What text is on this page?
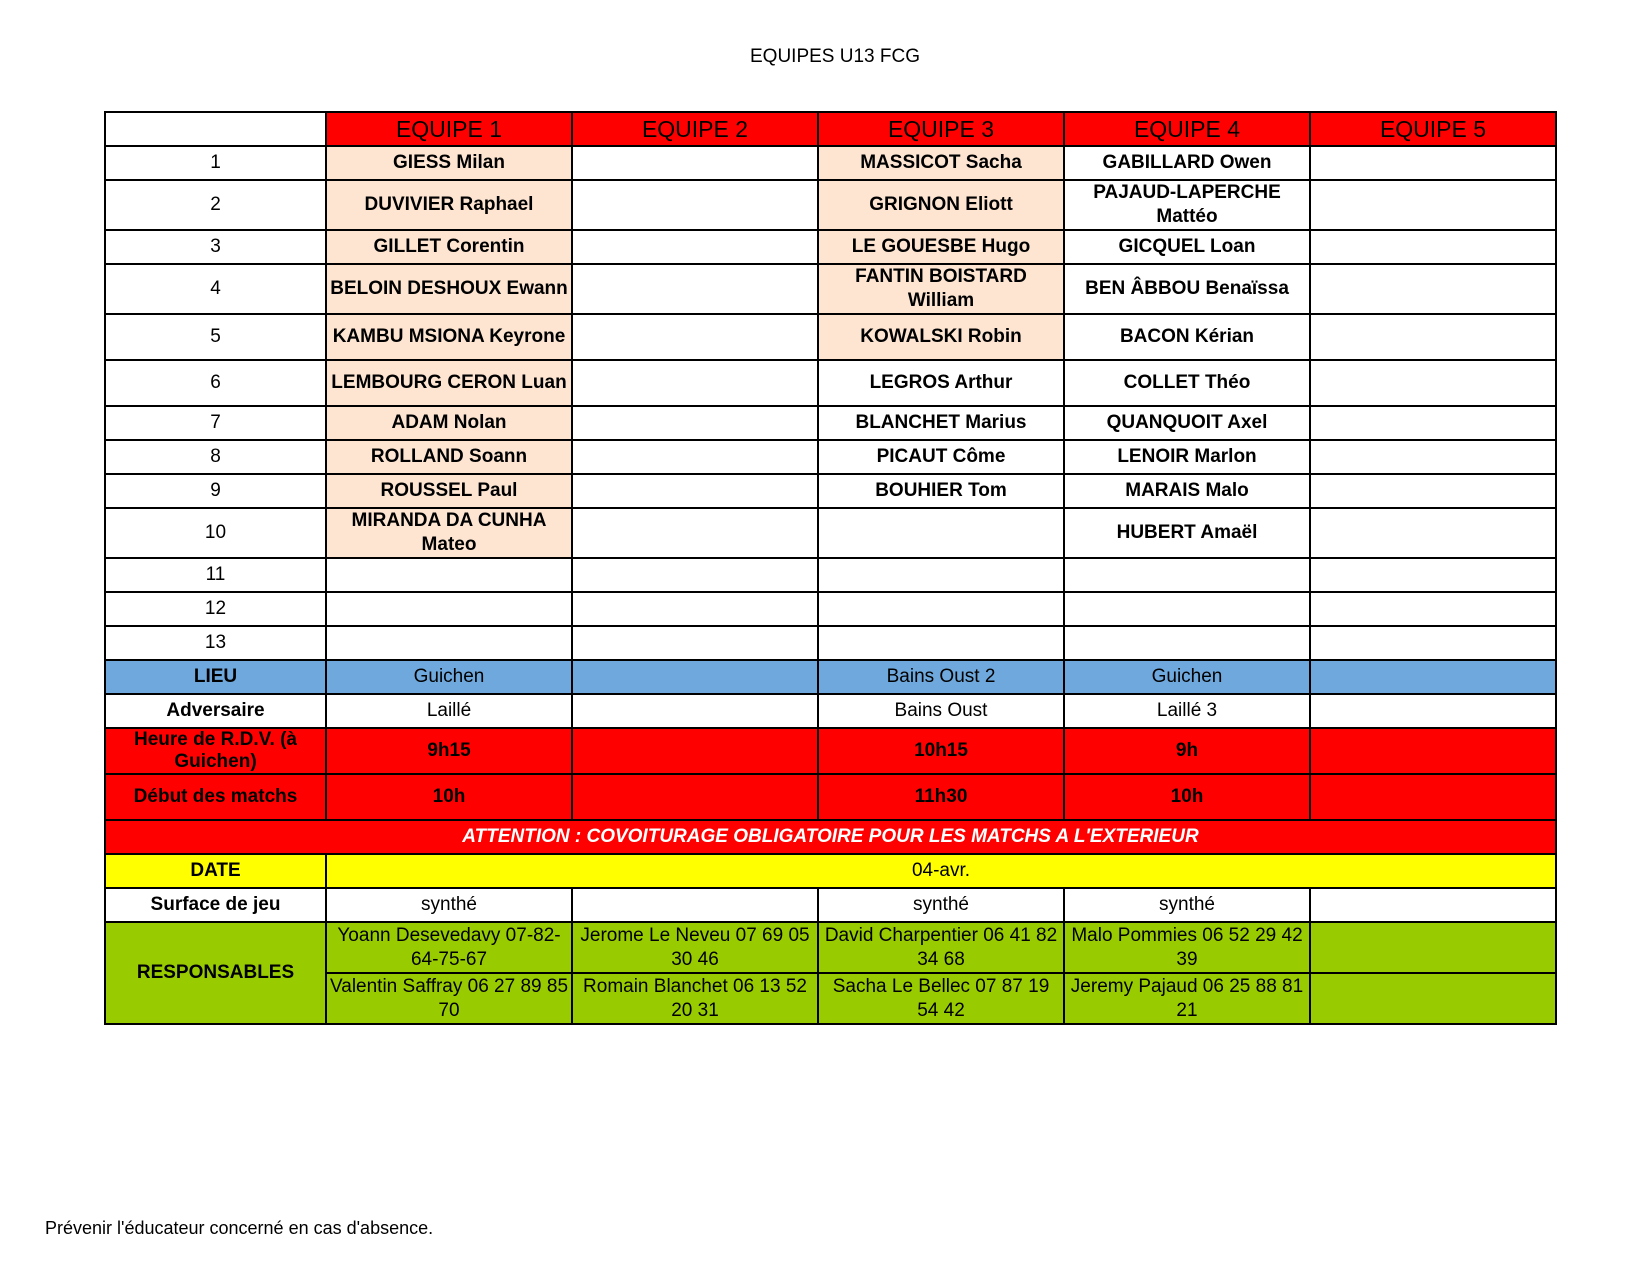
EQUIPES U13 FCG
	EQUIPE 1	EQUIPE 2	EQUIPE 3	EQUIPE 4	EQUIPE 5
1	GIESS Milan		MASSICOT Sacha	GABILLARD Owen	
2	DUVIVIER Raphael		GRIGNON Eliott	PAJAUD-LAPERCHE Mattéo	
3	GILLET Corentin		LE GOUESBE Hugo	GICQUEL Loan	
4	BELOIN DESHOUX Ewann		FANTIN BOISTARD William	BEN ÂBBOU Benaïssa	
5	KAMBU MSIONA Keyrone		KOWALSKI Robin	BACON Kérian	
6	LEMBOURG CERON Luan		LEGROS Arthur	COLLET Théo	
7	ADAM Nolan		BLANCHET Marius	QUANQUOIT Axel	
8	ROLLAND Soann		PICAUT Côme	LENOIR Marlon	
9	ROUSSEL Paul		BOUHIER Tom	MARAIS Malo	
10	MIRANDA DA CUNHA Mateo			HUBERT Amaël	
11					
12					
13					
LIEU	Guichen		Bains Oust 2	Guichen	
Adversaire	Laillé		Bains Oust	Laillé 3	
Heure de R.D.V. (à Guichen)	9h15		10h15	9h	
Début des matchs	10h		11h30	10h	
ATTENTION : COVOITURAGE OBLIGATOIRE POUR LES MATCHS A L'EXTERIEUR					
DATE	04-avr.				
Surface de jeu	synthé		synthé	synthé	
RESPONSABLES	Yoann Desevedavy 07-82-64-75-67	Jerome Le Neveu 07 69 05 30 46	David Charpentier 06 41 82 34 68	Malo Pommies 06 52 29 42 39	
	Valentin Saffray 06 27 89 85 70	Romain Blanchet 06 13 52 20 31	Sacha Le Bellec 07 87 19 54 42	Jeremy Pajaud 06 25 88 81 21	
Prévenir l'éducateur concerné en cas d'absence.
